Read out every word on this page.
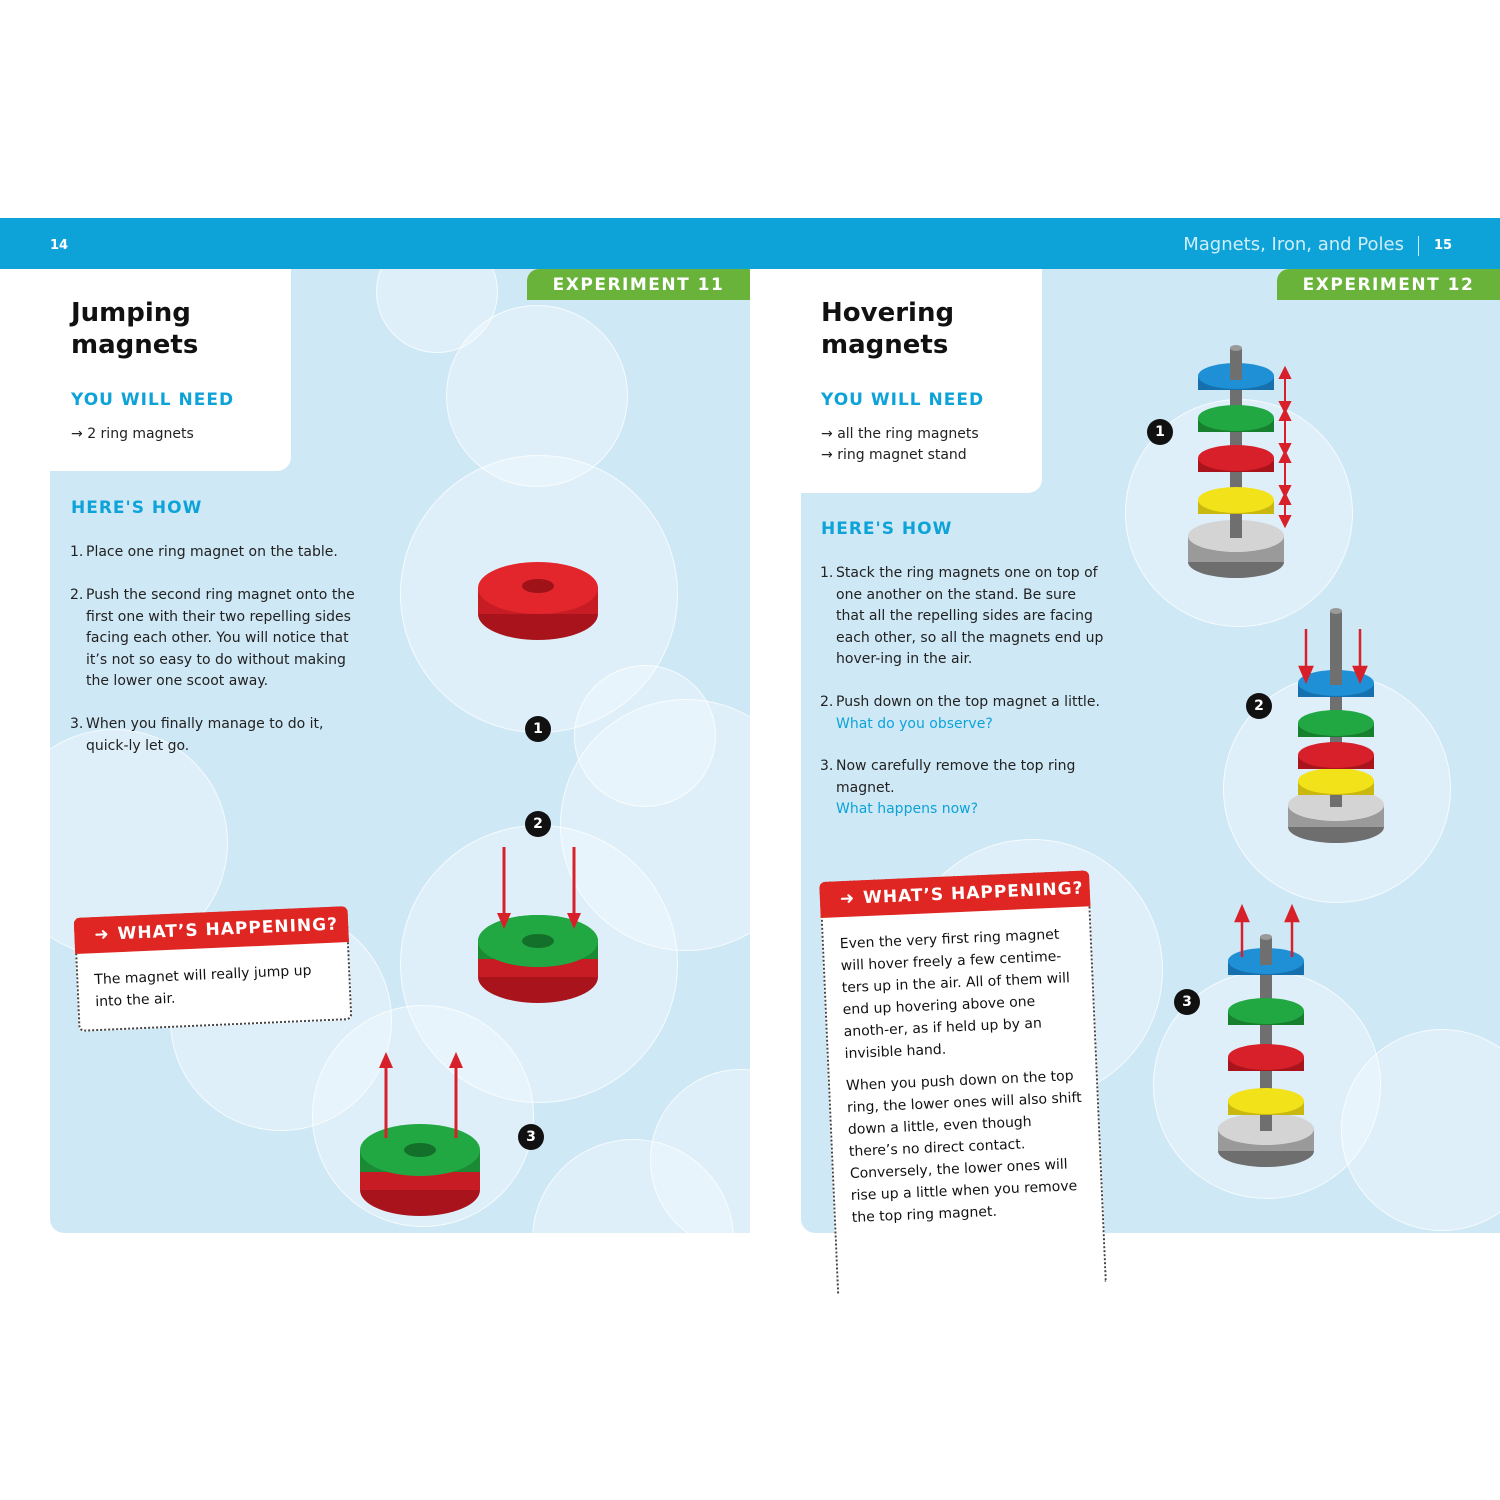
14	Magnets, Iron, and Poles 15
EXPERIMENT 11
Jumping
magnets
YOU WILL NEED
→ 2 ring magnets
HERE'S HOW
1. Place one ring magnet on the table.
2. Push the second ring magnet onto the first one with their two repelling sides facing each other. You will notice that it’s not so easy to do without making the lower one scoot away.
3. When you finally manage to do it, quick-ly let go.
➜ WHAT’S HAPPENING?
The magnet will really jump up into the air.
1
2
3
EXPERIMENT 12
Hovering
magnets
YOU WILL NEED
→ all the ring magnets
→ ring magnet stand
HERE'S HOW
1. Stack the ring magnets one on top of one another on the stand. Be sure that all the repelling sides are facing each other, so all the magnets end up hover-ing in the air.
2. Push down on the top magnet a little.
What do you observe?
3. Now carefully remove the top ring magnet.
What happens now?
➜ WHAT’S HAPPENING?
Even the very first ring magnet will hover freely a few centime-ters up in the air. All of them will end up hovering above one anoth-er, as if held up by an invisible hand.
When you push down on the top ring, the lower ones will also shift down a little, even though there’s no direct contact. Conversely, the lower ones will rise up a little when you remove the top ring magnet.
1
2
3
